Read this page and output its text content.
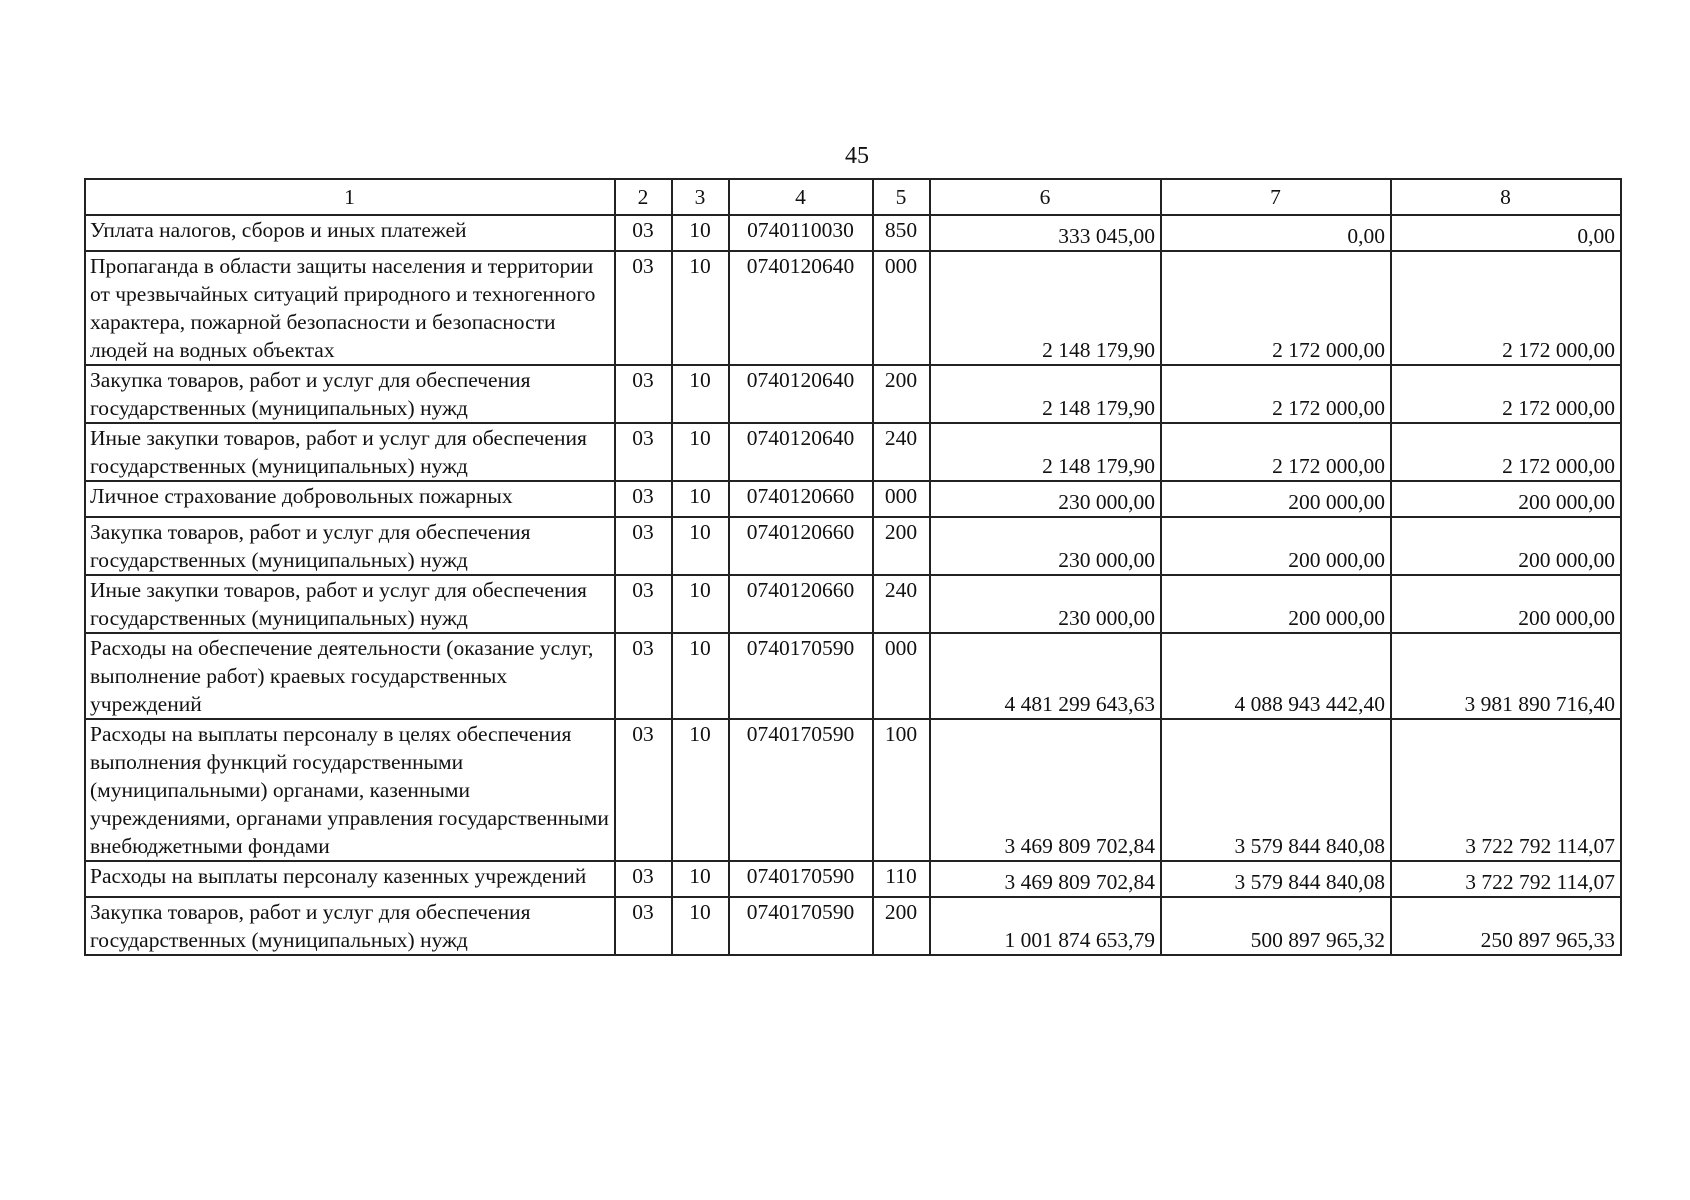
45
1	2	3	4	5	6	7	8
Уплата налогов, сборов и иных платежей	03	10	0740110030	850	333 045,00	0,00	0,00
Пропаганда в области защиты населения и территории от чрезвычайных ситуаций природного и техногенного характера, пожарной безопасности и безопасности людей на водных объектах	03	10	0740120640	000	2 148 179,90	2 172 000,00	2 172 000,00
Закупка товаров, работ и услуг для обеспечения государственных (муниципальных) нужд	03	10	0740120640	200	2 148 179,90	2 172 000,00	2 172 000,00
Иные закупки товаров, работ и услуг для обеспечения государственных (муниципальных) нужд	03	10	0740120640	240	2 148 179,90	2 172 000,00	2 172 000,00
Личное страхование добровольных пожарных	03	10	0740120660	000	230 000,00	200 000,00	200 000,00
Закупка товаров, работ и услуг для обеспечения государственных (муниципальных) нужд	03	10	0740120660	200	230 000,00	200 000,00	200 000,00
Иные закупки товаров, работ и услуг для обеспечения государственных (муниципальных) нужд	03	10	0740120660	240	230 000,00	200 000,00	200 000,00
Расходы на обеспечение деятельности (оказание услуг, выполнение работ) краевых государственных учреждений	03	10	0740170590	000	4 481 299 643,63	4 088 943 442,40	3 981 890 716,40
Расходы на выплаты персоналу в целях обеспечения выполнения функций государственными (муниципальными) органами, казенными учреждениями, органами управления государственными внебюджетными фондами	03	10	0740170590	100	3 469 809 702,84	3 579 844 840,08	3 722 792 114,07
Расходы на выплаты персоналу казенных учреждений	03	10	0740170590	110	3 469 809 702,84	3 579 844 840,08	3 722 792 114,07
Закупка товаров, работ и услуг для обеспечения государственных (муниципальных) нужд	03	10	0740170590	200	1 001 874 653,79	500 897 965,32	250 897 965,33
